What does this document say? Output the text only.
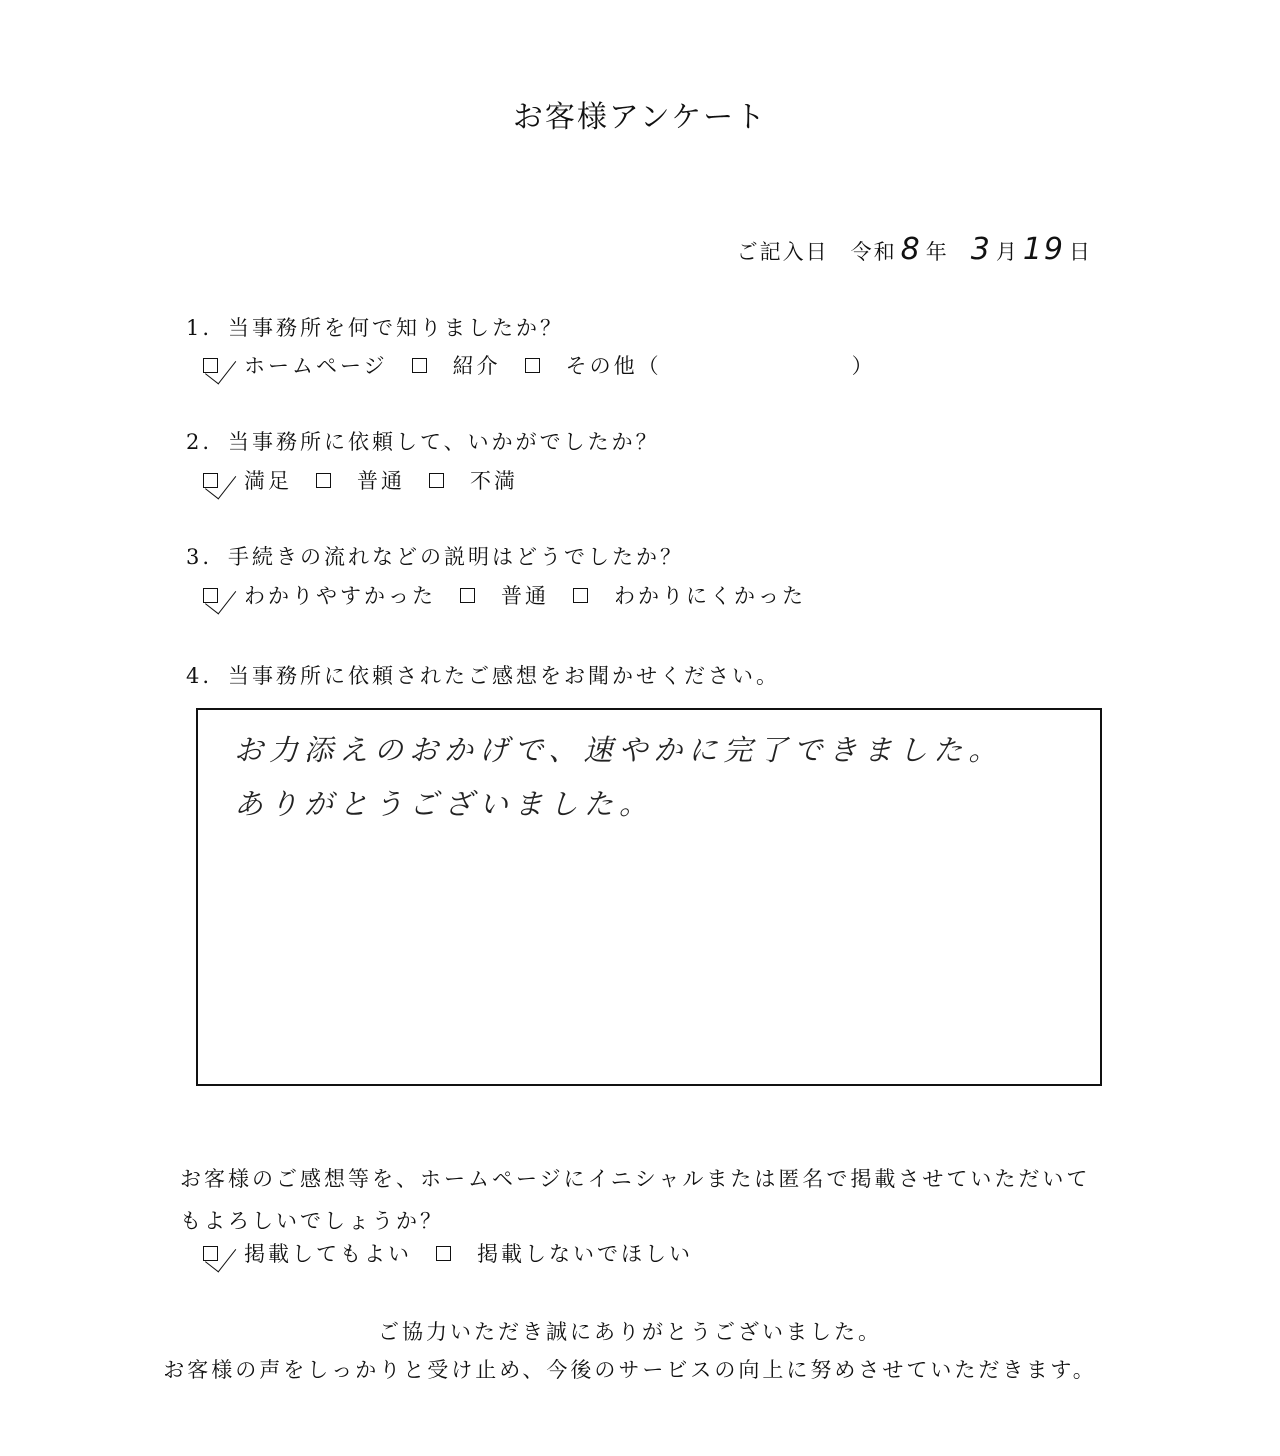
お客様アンケート
ご記入日 令和 8 年 3 月 19 日
1. 当事務所を何で知りましたか？
ホームページ	紹介	その他（	）
2. 当事務所に依頼して、いかがでしたか？
満足	普通	不満
3. 手続きの流れなどの説明はどうでしたか？
わかりやすかった	普通	わかりにくかった
4. 当事務所に依頼されたご感想をお聞かせください。
お力添えのおかげで、速やかに完了できました。
ありがとうございました。
お客様のご感想等を、ホームページにイニシャルまたは匿名で掲載させていただいてもよろしいでしょうか？
掲載してもよい	掲載しないでほしい
ご協力いただき誠にありがとうございました。
お客様の声をしっかりと受け止め、今後のサービスの向上に努めさせていただきます。
